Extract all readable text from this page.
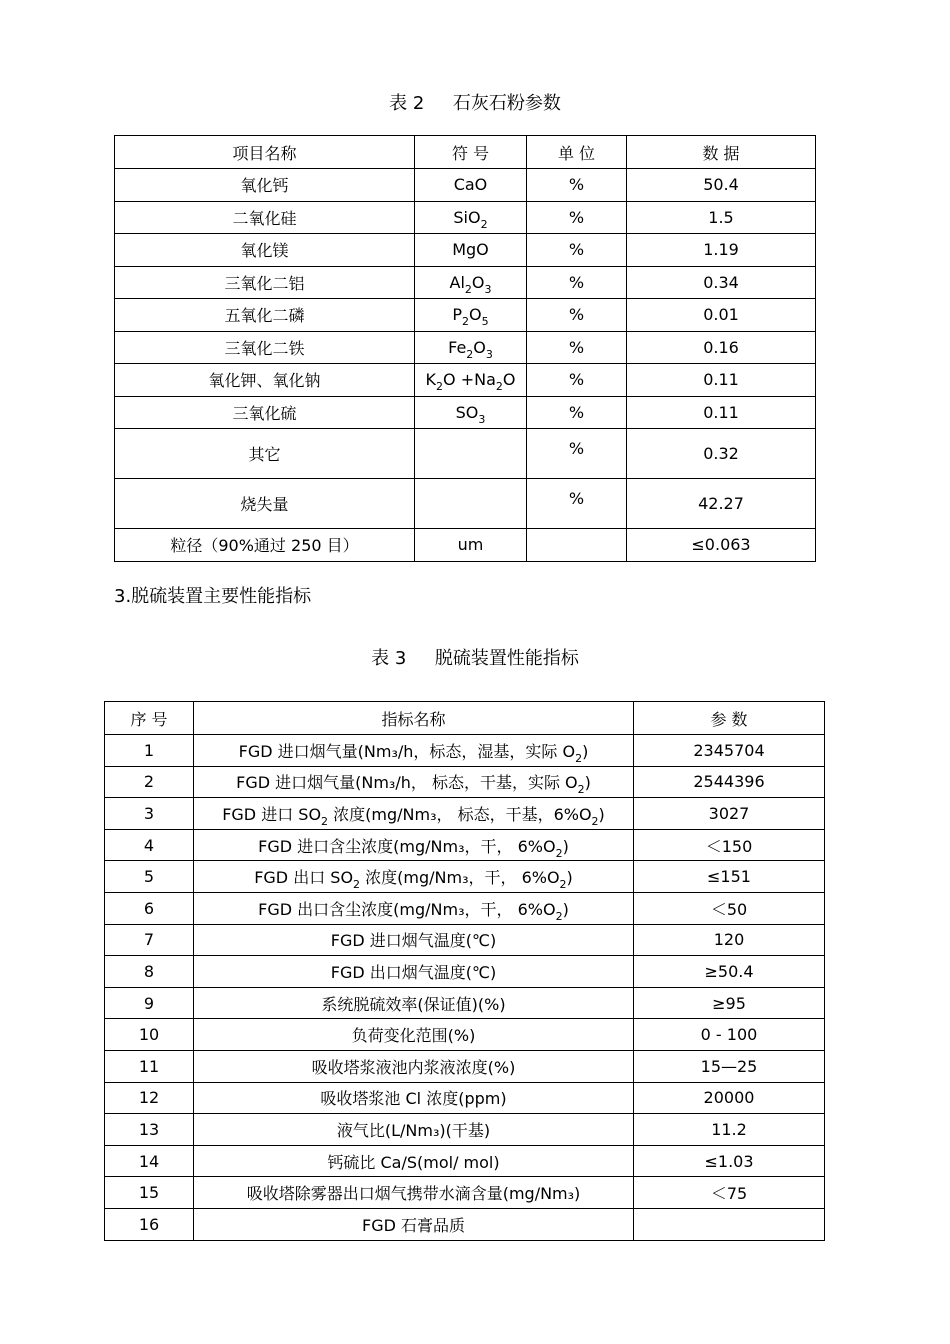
表 2     石灰石粉参数
项目名称	符 号	单 位	数 据
氧化钙	CaO	%	50.4
二氧化硅	SiO$_2$	%	1.5
氧化镁	MgO	%	1.19
三氧化二铝	$Al_2O_3$	%	0.34
五氧化二磷	$P_2O_5$	%	0.01
三氧化二铁	$Fe_2O_3$	%	0.16
氧化钾、氧化钠	$K_2O +Na_2O$	%	0.11
三氧化硫	$SO_3$	%	0.11
其它		%	0.32
烧失量		%	42.27
粒径（90%通过 250 目）	um		≤0.063
3.脱硫装置主要性能指标
表 3     脱硫装置性能指标
序 号	指标名称	参 数
1	FGD 进口烟气量(Nm₃/h，标态，湿基，实际 $O_2$)	2345704
2	FGD 进口烟气量(Nm₃/h， 标态，干基，实际 $O_2$)	2544396
3	FGD 进口 $SO_2$ 浓度(mg/Nm₃， 标态，干基，$6\%O_2$)	3027
4	FGD 进口含尘浓度(mg/Nm₃，干， $6\%O_2$)	＜150
5	FGD 出口 $SO_2$ 浓度(mg/Nm₃，干， $6\%O_2$)	≤151
6	FGD 出口含尘浓度(mg/Nm₃，干， $6\%O_2$)	＜50
7	FGD 进口烟气温度(℃)	120
8	FGD 出口烟气温度(℃)	≥50.4
9	系统脱硫效率(保证值)(%)	≥95
10	负荷变化范围(%)	0 - 100
11	吸收塔浆液池内浆液浓度(%)	15—25
12	吸收塔浆池 Cl 浓度(ppm)	20000
13	液气比(L/Nm₃)(干基)	11.2
14	钙硫比 Ca/S(mol/ mol)	≤1.03
15	吸收塔除雾器出口烟气携带水滴含量(mg/Nm₃)	＜75
16	FGD 石膏品质	
